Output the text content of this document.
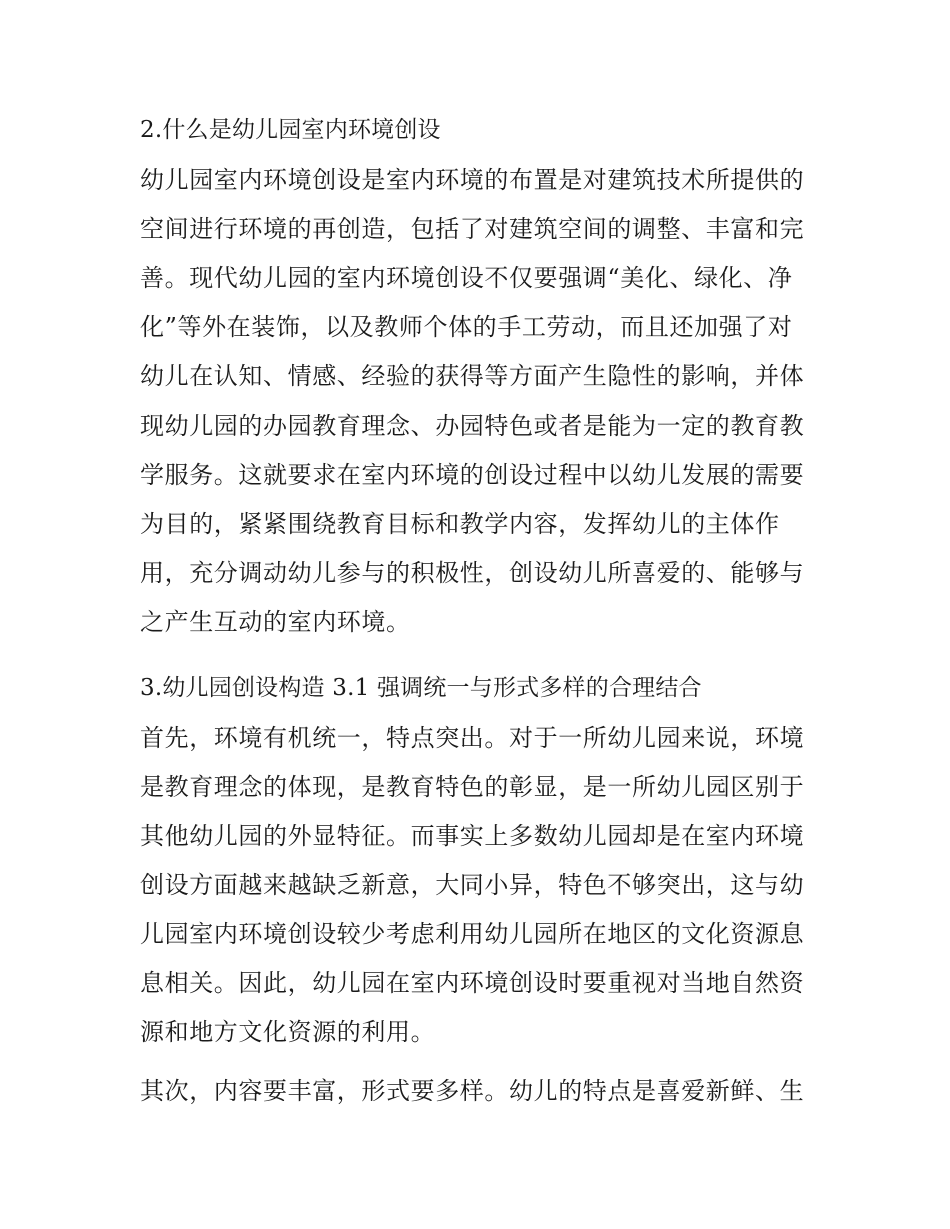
2.什么是幼儿园室内环境创设
幼儿园室内环境创设是室内环境的布置是对建筑技术所提供的
空间进行环境的再创造，包括了对建筑空间的调整、丰富和完
善。现代幼儿园的室内环境创设不仅要强调“美化、绿化、净
化”等外在装饰，以及教师个体的手工劳动，而且还加强了对
幼儿在认知、情感、经验的获得等方面产生隐性的影响，并体
现幼儿园的办园教育理念、办园特色或者是能为一定的教育教
学服务。这就要求在室内环境的创设过程中以幼儿发展的需要
为目的，紧紧围绕教育目标和教学内容，发挥幼儿的主体作
用，充分调动幼儿参与的积极性，创设幼儿所喜爱的、能够与
之产生互动的室内环境。
3.幼儿园创设构造 3.1 强调统一与形式多样的合理结合
首先，环境有机统一，特点突出。对于一所幼儿园来说，环境
是教育理念的体现，是教育特色的彰显，是一所幼儿园区别于
其他幼儿园的外显特征。而事实上多数幼儿园却是在室内环境
创设方面越来越缺乏新意，大同小异，特色不够突出，这与幼
儿园室内环境创设较少考虑利用幼儿园所在地区的文化资源息
息相关。因此，幼儿园在室内环境创设时要重视对当地自然资
源和地方文化资源的利用。
其次，内容要丰富，形式要多样。幼儿的特点是喜爱新鲜、生
